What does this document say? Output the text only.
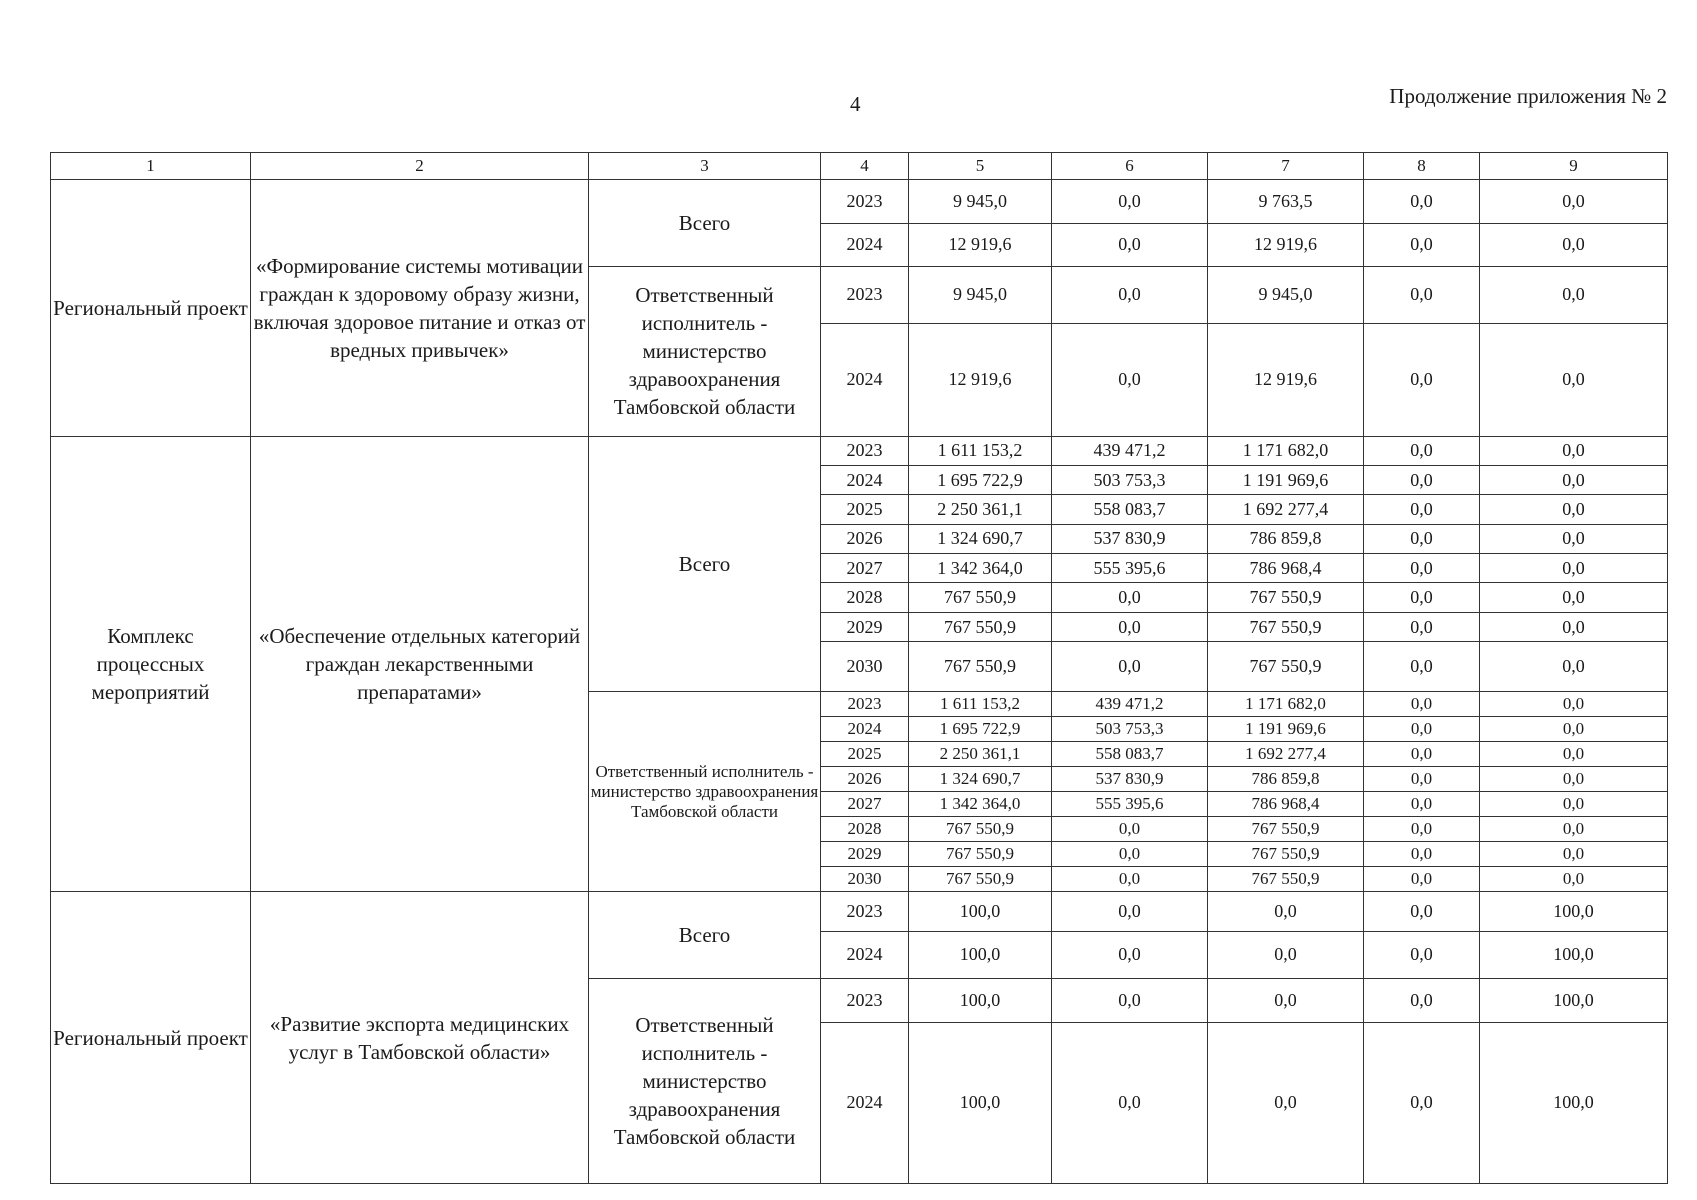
4	Продолжение приложения № 2
1	2	3	4	5	6	7	8	9
Региональный проект	«Формирование системы мотивации граждан к здоровому образу жизни, включая здоровое питание и отказ от вредных привычек»	Всего	2023	9 945,0	0,0	9 763,5	0,0	0,0
			2024	12 919,6	0,0	12 919,6	0,0	0,0
		Ответственный исполнитель - министерство здравоохранения Тамбовской области	2023	9 945,0	0,0	9 945,0	0,0	0,0
			2024	12 919,6	0,0	12 919,6	0,0	0,0
Комплекс процессных мероприятий	«Обеспечение отдельных категорий граждан лекарственными препаратами»	Всего	2023	1 611 153,2	439 471,2	1 171 682,0	0,0	0,0
			2024	1 695 722,9	503 753,3	1 191 969,6	0,0	0,0
			2025	2 250 361,1	558 083,7	1 692 277,4	0,0	0,0
			2026	1 324 690,7	537 830,9	786 859,8	0,0	0,0
			2027	1 342 364,0	555 395,6	786 968,4	0,0	0,0
			2028	767 550,9	0,0	767 550,9	0,0	0,0
			2029	767 550,9	0,0	767 550,9	0,0	0,0
			2030	767 550,9	0,0	767 550,9	0,0	0,0
		Ответственный исполнитель - министерство здравоохранения Тамбовской области	2023	1 611 153,2	439 471,2	1 171 682,0	0,0	0,0
			2024	1 695 722,9	503 753,3	1 191 969,6	0,0	0,0
			2025	2 250 361,1	558 083,7	1 692 277,4	0,0	0,0
			2026	1 324 690,7	537 830,9	786 859,8	0,0	0,0
			2027	1 342 364,0	555 395,6	786 968,4	0,0	0,0
			2028	767 550,9	0,0	767 550,9	0,0	0,0
			2029	767 550,9	0,0	767 550,9	0,0	0,0
			2030	767 550,9	0,0	767 550,9	0,0	0,0
Региональный проект	«Развитие экспорта медицинских услуг в Тамбовской области»	Всего	2023	100,0	0,0	0,0	0,0	100,0
			2024	100,0	0,0	0,0	0,0	100,0
		Ответственный исполнитель - министерство здравоохранения Тамбовской области	2023	100,0	0,0	0,0	0,0	100,0
			2024	100,0	0,0	0,0	0,0	100,0
